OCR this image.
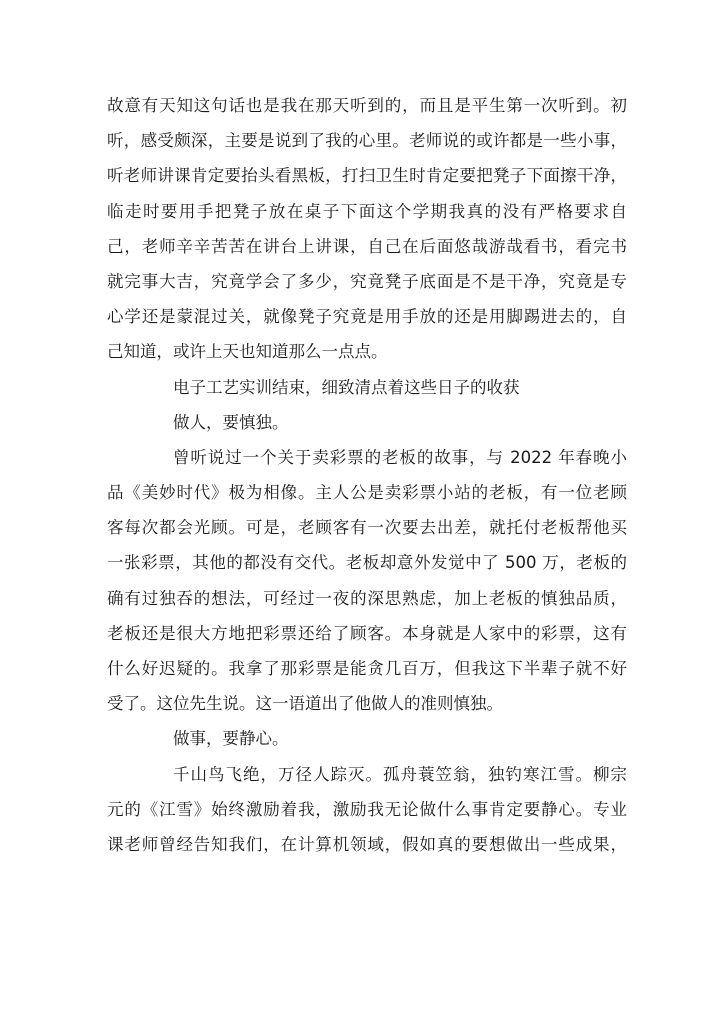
故意有天知这句话也是我在那天听到的，而且是平生第一次听到。初
听，感受颇深，主要是说到了我的心里。老师说的或许都是一些小事，
听老师讲课肯定要抬头看黑板，打扫卫生时肯定要把凳子下面擦干净，
临走时要用手把凳子放在桌子下面这个学期我真的没有严格要求自
己，老师辛辛苦苦在讲台上讲课，自己在后面悠哉游哉看书，看完书
就完事大吉，究竟学会了多少，究竟凳子底面是不是干净，究竟是专
心学还是蒙混过关，就像凳子究竟是用手放的还是用脚踢进去的，自
己知道，或许上天也知道那么一点点。
电子工艺实训结束，细致清点着这些日子的收获
做人，要慎独。
曾听说过一个关于卖彩票的老板的故事，与 2022 年春晚小
品《美妙时代》极为相像。主人公是卖彩票小站的老板，有一位老顾
客每次都会光顾。可是，老顾客有一次要去出差，就托付老板帮他买
一张彩票，其他的都没有交代。老板却意外发觉中了 500 万，老板的
确有过独吞的想法，可经过一夜的深思熟虑，加上老板的慎独品质，
老板还是很大方地把彩票还给了顾客。本身就是人家中的彩票，这有
什么好迟疑的。我拿了那彩票是能贪几百万，但我这下半辈子就不好
受了。这位先生说。这一语道出了他做人的准则慎独。
做事，要静心。
千山鸟飞绝，万径人踪灭。孤舟蓑笠翁，独钓寒江雪。柳宗
元的《江雪》始终激励着我，激励我无论做什么事肯定要静心。专业
课老师曾经告知我们，在计算机领域，假如真的要想做出一些成果，
